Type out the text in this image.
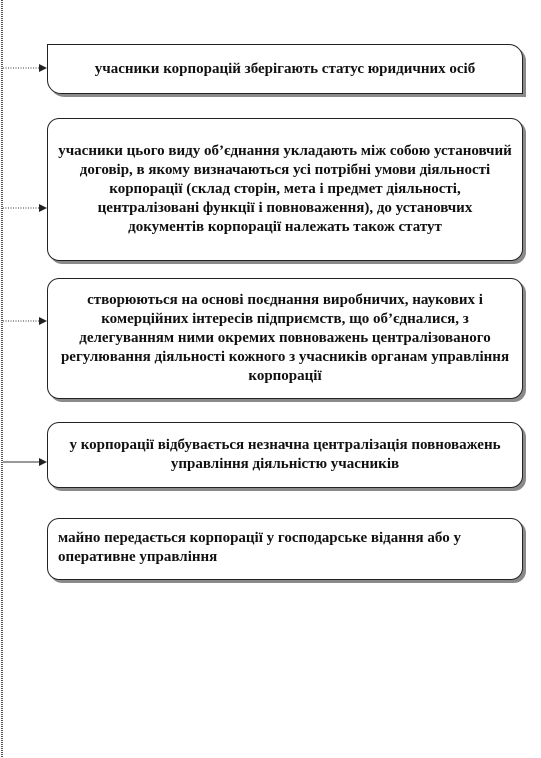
учасники корпорацій зберігають статус юридичних осіб
учасники цього виду об’єднання укладають між собою установчий договір, в якому визначаються усі потрібні умови діяльності корпорації (склад сторін, мета і предмет діяльності, централізовані функції і повноваження), до установчих документів корпорації належать також статут
створюються на основі поєднання виробничих, наукових і комерційних інтересів підприємств, що об’єдналися, з делегуванням ними окремих повноважень централізованого регулювання діяльності кожного з учасників органам управління корпорації
у корпорації відбувається незначна централізація повноважень управління діяльністю учасників
майно передається корпорації у господарське відання або у оперативне управління
